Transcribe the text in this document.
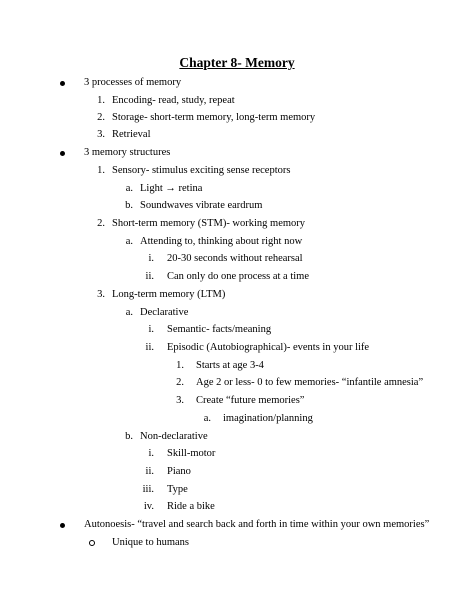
Chapter 8- Memory
3 processes of memory
1. Encoding- read, study, repeat
2. Storage- short-term memory, long-term memory
3. Retrieval
3 memory structures
1. Sensory- stimulus exciting sense receptors
a. Light → retina
b. Soundwaves vibrate eardrum
2. Short-term memory (STM)- working memory
a. Attending to, thinking about right now
i. 20-30 seconds without rehearsal
ii. Can only do one process at a time
3. Long-term memory (LTM)
a. Declarative
i. Semantic- facts/meaning
ii. Episodic (Autobiographical)- events in your life
1. Starts at age 3-4
2. Age 2 or less- 0 to few memories- “infantile amnesia”
3. Create “future memories”
a. imagination/planning
b. Non-declarative
i. Skill-motor
ii. Piano
iii. Type
iv. Ride a bike
Autonoesis- “travel and search back and forth in time within your own memories”
Unique to humans
